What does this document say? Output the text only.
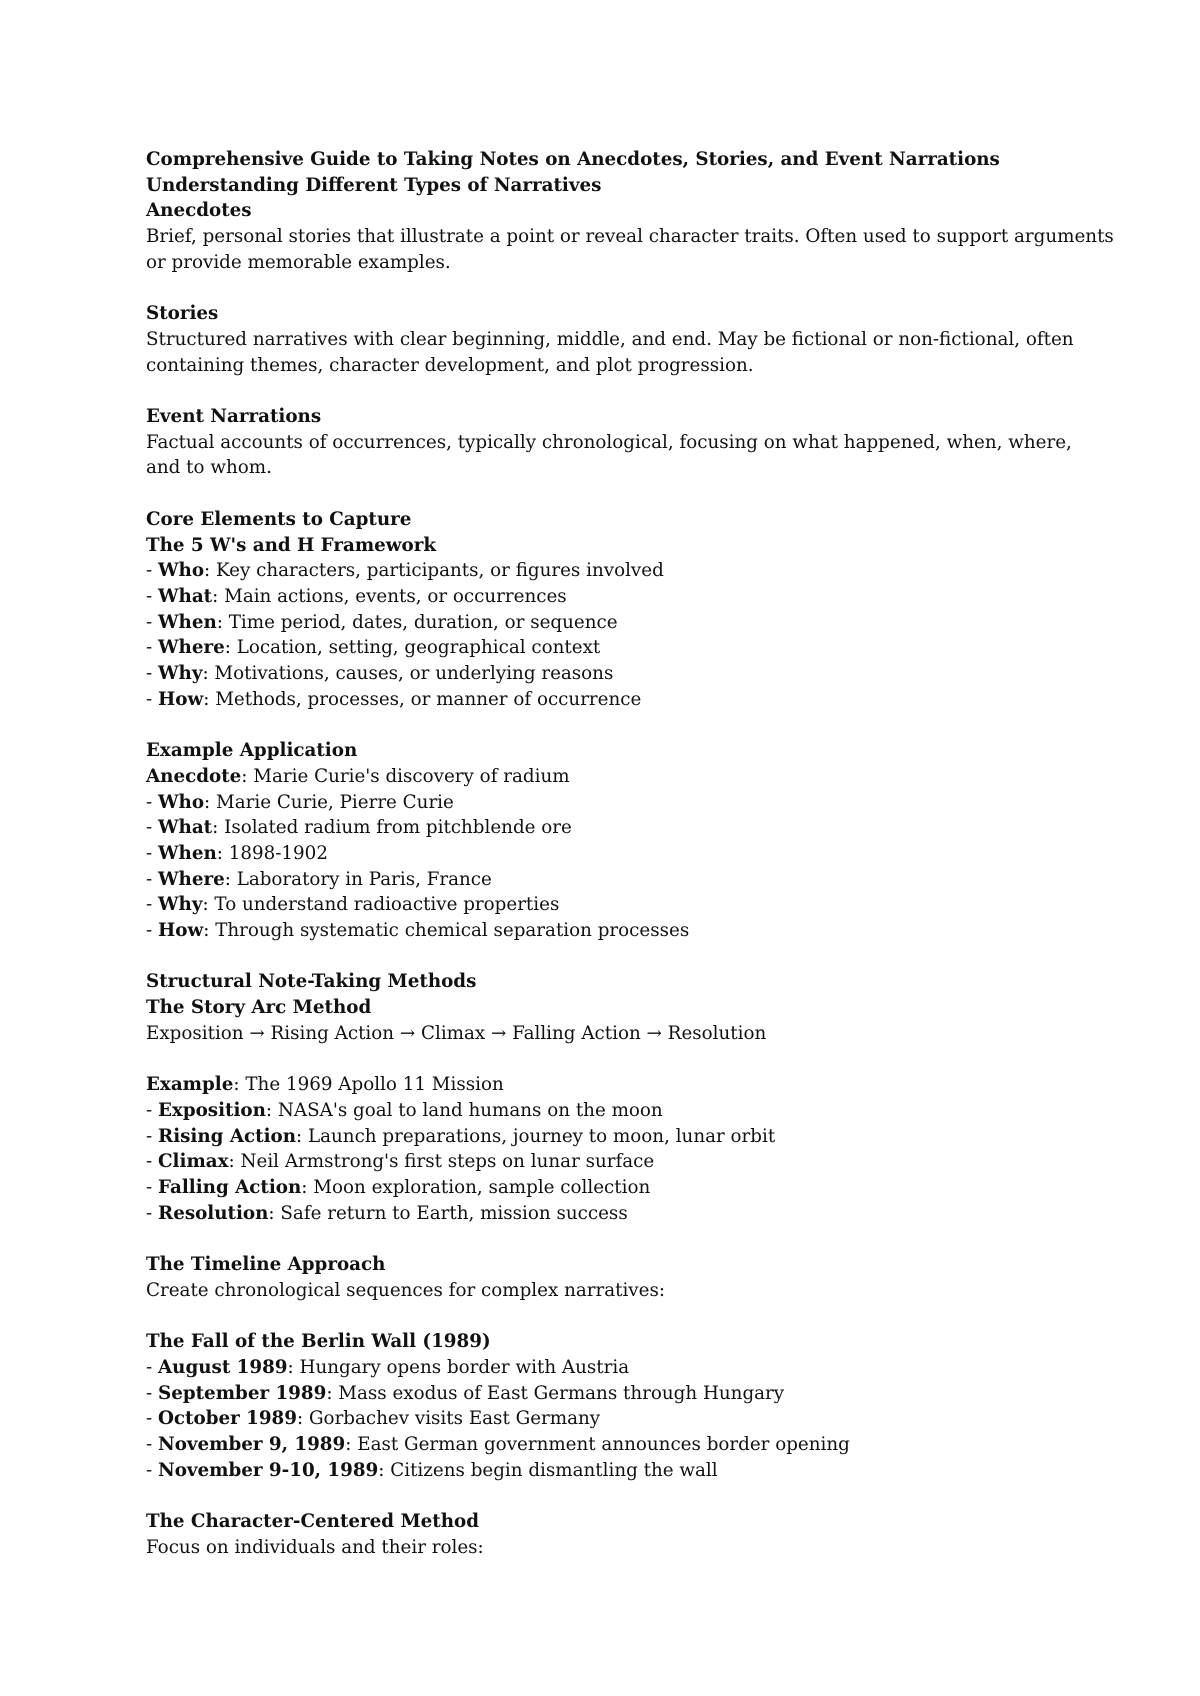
Comprehensive Guide to Taking Notes on Anecdotes, Stories, and Event Narrations
Understanding Different Types of Narratives
Anecdotes
Brief, personal stories that illustrate a point or reveal character traits. Often used to support arguments
or provide memorable examples.
Stories
Structured narratives with clear beginning, middle, and end. May be fictional or non-fictional, often
containing themes, character development, and plot progression.
Event Narrations
Factual accounts of occurrences, typically chronological, focusing on what happened, when, where,
and to whom.
Core Elements to Capture
The 5 W's and H Framework
- Who: Key characters, participants, or figures involved
- What: Main actions, events, or occurrences
- When: Time period, dates, duration, or sequence
- Where: Location, setting, geographical context
- Why: Motivations, causes, or underlying reasons
- How: Methods, processes, or manner of occurrence
Example Application
Anecdote: Marie Curie's discovery of radium
- Who: Marie Curie, Pierre Curie
- What: Isolated radium from pitchblende ore
- When: 1898-1902
- Where: Laboratory in Paris, France
- Why: To understand radioactive properties
- How: Through systematic chemical separation processes
Structural Note-Taking Methods
The Story Arc Method
Exposition → Rising Action → Climax → Falling Action → Resolution
Example: The 1969 Apollo 11 Mission
- Exposition: NASA's goal to land humans on the moon
- Rising Action: Launch preparations, journey to moon, lunar orbit
- Climax: Neil Armstrong's first steps on lunar surface
- Falling Action: Moon exploration, sample collection
- Resolution: Safe return to Earth, mission success
The Timeline Approach
Create chronological sequences for complex narratives:
The Fall of the Berlin Wall (1989)
- August 1989: Hungary opens border with Austria
- September 1989: Mass exodus of East Germans through Hungary
- October 1989: Gorbachev visits East Germany
- November 9, 1989: East German government announces border opening
- November 9-10, 1989: Citizens begin dismantling the wall
The Character-Centered Method
Focus on individuals and their roles:
